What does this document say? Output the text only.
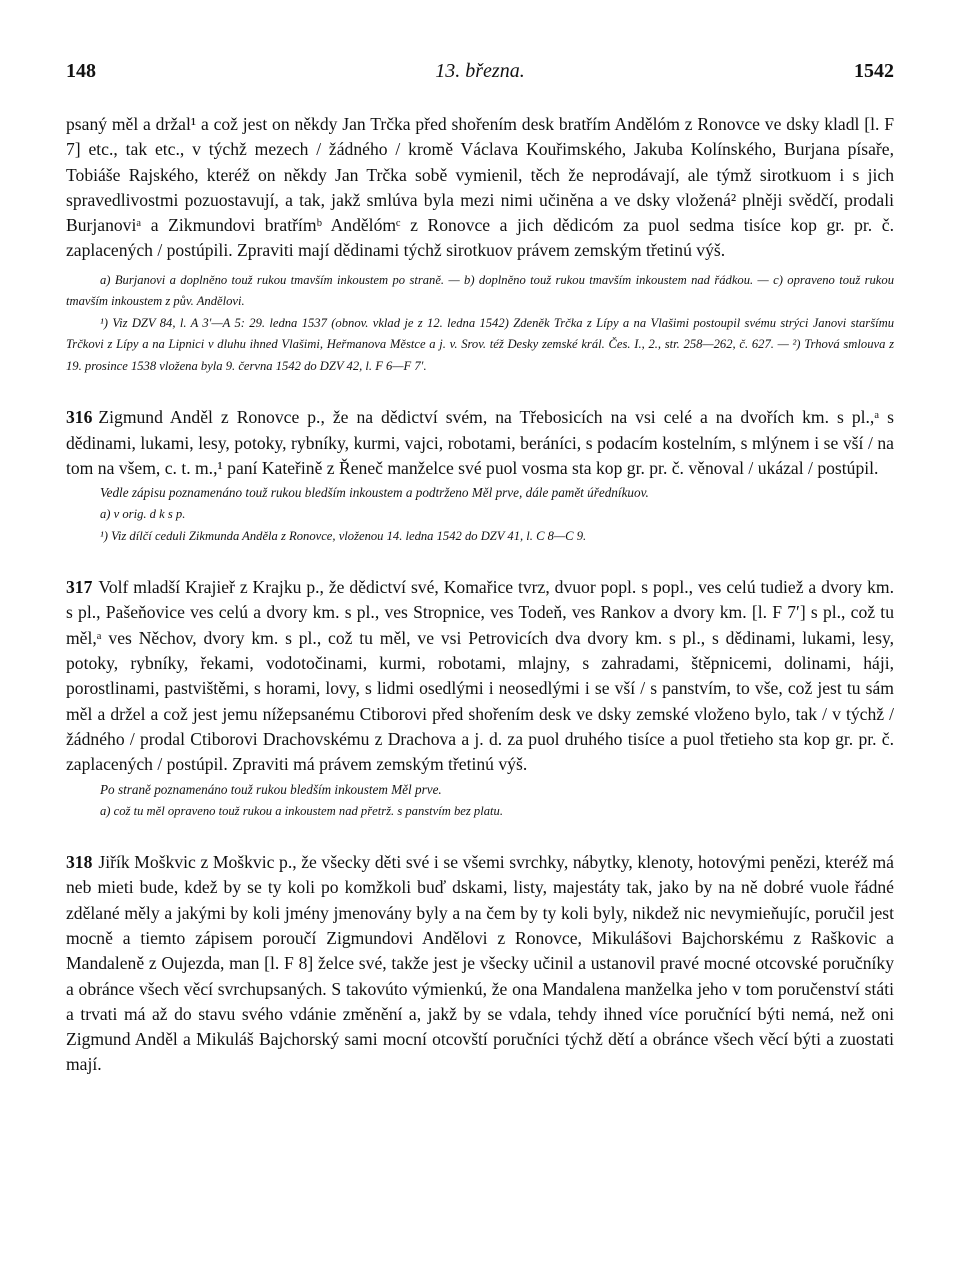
148	13. března.	1542

psaný měl a držal¹ a což jest on někdy Jan Trčka před shořením desk bratřím Andělóm z Ronovce ve dsky kladl [l. F 7] etc., tak etc., v týchž mezech / žádného / kromě Václava Kouřimského, Jakuba Kolínského, Burjana písaře, Tobiáše Rajského, kteréž on někdy Jan Trčka sobě vymienil, těch že neprodávají, ale týmž sirotkuom i s jich spravedlivostmi pozuostavují, a tak, jakž smlúva byla mezi nimi učiněna a ve dsky vložená² plněji svědčí, prodali Burjanoviᵃ a Zikmundovi bratřímᵇ Andělómᶜ z Ronovce a jich dědicóm za puol sedma tisíce kop gr. pr. č. zaplacených / postúpili. Zpraviti mají dědinami týchž sirotkuov právem zemským třetinú výš.

a) Burjanovi a doplněno touž rukou tmavším inkoustem po straně. — b) doplněno touž rukou tmavším inkoustem nad řádkou. — c) opraveno touž rukou tmavším inkoustem z pův. Andělovi.

¹) Viz DZV 84, l. A 3′—A 5: 29. ledna 1537 (obnov. vklad je z 12. ledna 1542) Zdeněk Trčka z Lípy a na Vlašimi postoupil svému strýci Janovi staršímu Trčkovi z Lípy a na Lipnici v dluhu ihned Vlašimi, Heřmanova Městce a j. v. Srov. též Desky zemské král. Čes. I., 2., str. 258—262, č. 627. — ²) Trhová smlouva z 19. prosince 1538 vložena byla 9. června 1542 do DZV 42, l. F 6—F 7′.

316 Zigmund Anděl z Ronovce p., že na dědictví svém, na Třebosicích na vsi celé a na dvořích km. s pl.,ᵃ s dědinami, lukami, lesy, potoky, rybníky, kurmi, vajci, robotami, beráníci, s podacím kostelním, s mlýnem i se vší / na tom na všem, c. t. m.,¹ paní Kateřině z Řeneč manželce své puol vosma sta kop gr. pr. č. věnoval / ukázal / postúpil.

Vedle zápisu poznamenáno touž rukou bledším inkoustem a podtrženo Měl prve, dále pamět úředníkuov.

a) v orig. d k s p.

¹) Viz dílčí ceduli Zikmunda Anděla z Ronovce, vloženou 14. ledna 1542 do DZV 41, l. C 8—C 9.

317 Volf mladší Krajieř z Krajku p., že dědictví své, Komařice tvrz, dvuor popl. s popl., ves celú tudiež a dvory km. s pl., Pašeňovice ves celú a dvory km. s pl., ves Stropnice, ves Todeň, ves Rankov a dvory km. [l. F 7′] s pl., což tu měl,ᵃ ves Něchov, dvory km. s pl., což tu měl, ve vsi Petrovicích dva dvory km. s pl., s dědinami, lukami, lesy, potoky, rybníky, řekami, vodotočinami, kurmi, robotami, mlajny, s zahradami, štěpnicemi, dolinami, háji, porostlinami, pastvištěmi, s horami, lovy, s lidmi osedlými i neosedlými i se vší / s panstvím, to vše, což jest tu sám měl a držel a což jest jemu nížepsanému Ctiborovi před shořením desk ve dsky zemské vloženo bylo, tak / v týchž / žádného / prodal Ctiborovi Drachovskému z Drachova a j. d. za puol druhého tisíce a puol třetieho sta kop gr. pr. č. zaplacených / postúpil. Zpraviti má právem zemským třetinú výš.

Po straně poznamenáno touž rukou bledším inkoustem Měl prve.

a) což tu měl opraveno touž rukou a inkoustem nad přetrž. s panstvím bez platu.

318 Jiřík Moškvic z Moškvic p., že všecky děti své i se všemi svrchky, nábytky, klenoty, hotovými penězi, kteréž má neb mieti bude, kdež by se ty koli po komžkoli buď dskami, listy, majestáty tak, jako by na ně dobré vuole řádné zdělané měly a jakými by koli jmény jmenovány byly a na čem by ty koli byly, nikdež nic nevymieňujíc, poručil jest mocně a tiemto zápisem poroučí Zigmundovi Andělovi z Ronovce, Mikulášovi Bajchorskému z Raškovic a Mandaleně z Oujezda, man [l. F 8] želce své, takže jest je všecky učinil a ustanovil pravé mocné otcovské poručníky a obránce všech věcí svrchupsaných. S takovúto výmienkú, že ona Mandalena manželka jeho v tom poručenství státi a trvati má až do stavu svého vdánie změnění a, jakž by se vdala, tehdy ihned více poručnící býti nemá, než oni Zigmund Anděl a Mikuláš Bajchorský sami mocní otcovští poručníci týchž dětí a obránce všech věcí býti a zuostati mají.
